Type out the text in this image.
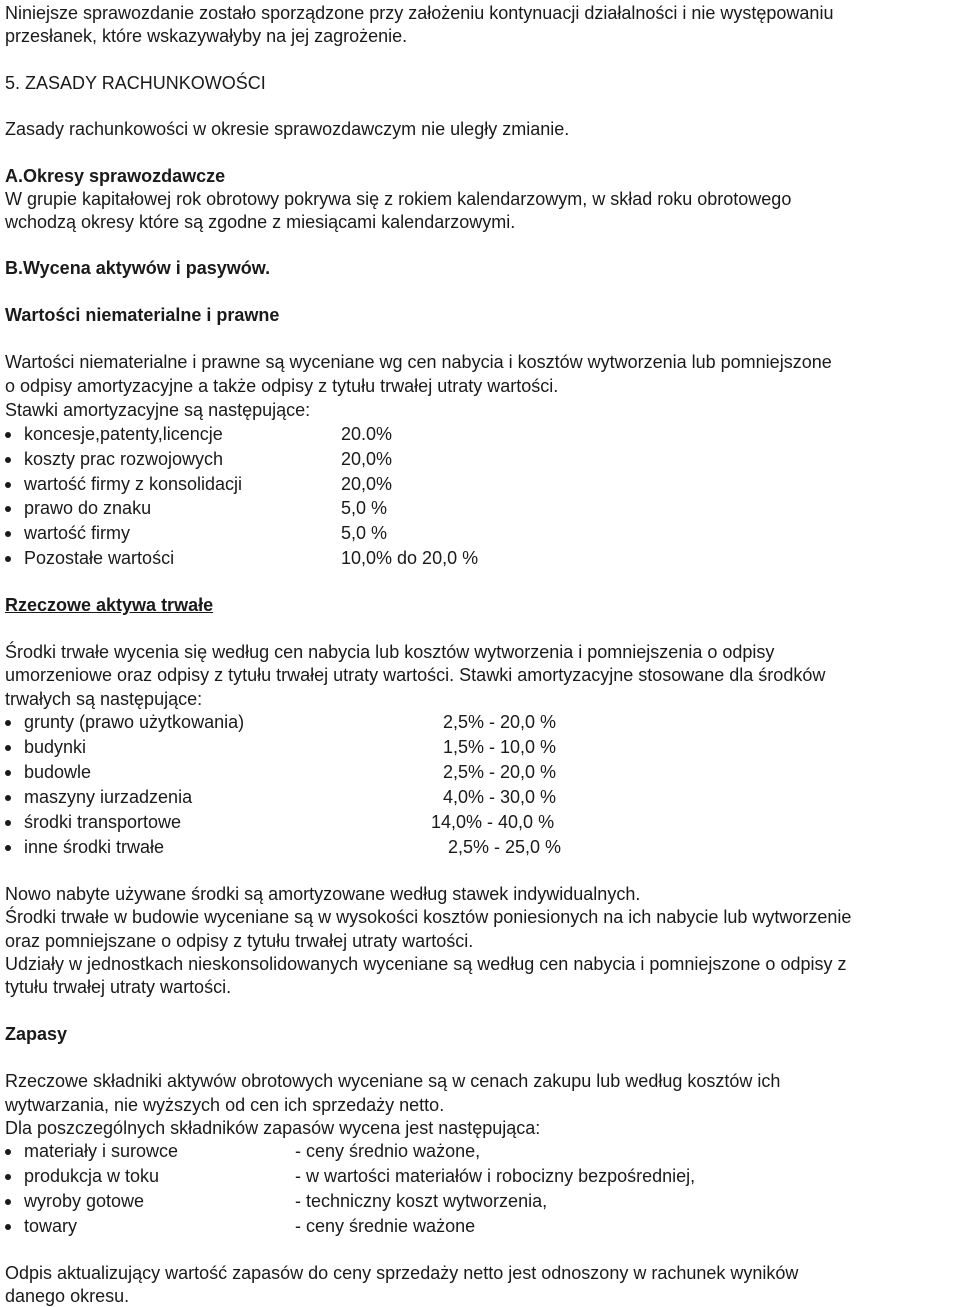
Niniejsze sprawozdanie zostało sporządzone przy założeniu kontynuacji działalności i nie występowaniu
przesłanek, które wskazywałyby na jej zagrożenie.
5. ZASADY RACHUNKOWOŚCI
Zasady rachunkowości w okresie sprawozdawczym nie uległy zmianie.
A.Okresy sprawozdawcze
W grupie kapitałowej rok obrotowy pokrywa się z rokiem kalendarzowym, w skład roku obrotowego
wchodzą okresy które są zgodne z miesiącami kalendarzowymi.
B.Wycena aktywów i pasywów.
Wartości niematerialne i prawne
Wartości niematerialne i prawne są wyceniane wg cen nabycia i kosztów wytworzenia lub pomniejszone
o odpisy amortyzacyjne a także odpisy z tytułu trwałej utraty wartości.
Stawki amortyzacyjne są następujące:
koncesje,patenty,licencje	20.0%
koszty prac rozwojowych	20,0%
wartość firmy z konsolidacji	20,0%
prawo do znaku	5,0 %
wartość firmy	5,0 %
Pozostałe wartości	10,0% do 20,0 %
Rzeczowe aktywa trwałe
Środki trwałe wycenia się według cen nabycia lub kosztów wytworzenia i pomniejszenia o odpisy
umorzeniowe oraz odpisy z tytułu trwałej utraty wartości. Stawki amortyzacyjne stosowane dla środków
trwałych są następujące:
grunty (prawo użytkowania)	2,5% - 20,0 %
budynki	1,5% - 10,0 %
budowle	2,5% - 20,0 %
maszyny iurzadzenia	4,0% - 30,0 %
środki transportowe	14,0% - 40,0 %
inne środki trwałe	2,5% - 25,0 %
Nowo nabyte używane środki są amortyzowane według stawek indywidualnych.
Środki trwałe w budowie wyceniane są w wysokości kosztów poniesionych na ich nabycie lub wytworzenie
oraz pomniejszane o odpisy z tytułu trwałej utraty wartości.
Udziały w jednostkach nieskonsolidowanych wyceniane są według cen nabycia i pomniejszone o odpisy z
tytułu trwałej utraty wartości.
Zapasy
Rzeczowe składniki aktywów obrotowych wyceniane są w cenach zakupu lub według kosztów ich
wytwarzania, nie wyższych od cen ich sprzedaży netto.
Dla poszczególnych składników zapasów wycena jest następująca:
materiały i surowce	- ceny średnio ważone,
produkcja w toku	- w wartości materiałów i robocizny bezpośredniej,
wyroby gotowe	- techniczny koszt wytworzenia,
towary	- ceny średnie ważone
Odpis aktualizujący wartość zapasów do ceny sprzedaży netto jest odnoszony w rachunek wyników
danego okresu.
